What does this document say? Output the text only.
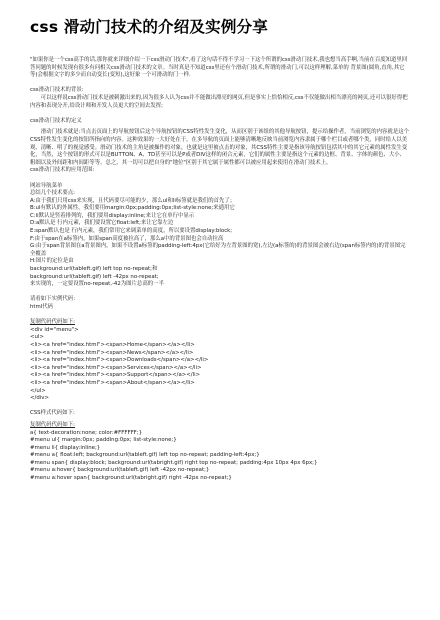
css 滑动门技术的介绍及实例分享
"如果你是一个css高手的话,那你就来详细介绍一下css滑动门技术",看了这句话不得不学习一下这个所谓的css滑动门技术,我也想当高手啊,当前在百度知道里回答问题的时候发现有很多有问相关css滑动门技术的文章。当时真是不知道css里还有个滑动门技术,所谓的滑动门,可以这样理解,菜单的 背景图(圆角,直角,其它等)会根据文字的多少而自动变长(变短),这好象一个可滑动的门一样.
css滑动门技术的背景:
　　可以这样说css滑动门技术是被刺激出来的,因为很多人认为css并不能做出漂亮的网页,但是事实上恰恰相反,css不仅能做出相当漂亮的网页,还可以很好得把内容和表现分开,给设计师和开发人员更大的空间去发挥;
css滑动门技术的定义
　　滑动门技术就是:当点击页面上的导航按钮后这个导航按钮的CSS特性发生变化，从而区别于该组的其他导航按钮，提示给操作者，当前浏览的内容就是这个CSS特性发生变化的按钮所指向的内容。这种效果的一大好处在于，在多导航的页面上能够清晰地反映当前浏览内容隶属于哪个栏目或者哪个类，同时给人以美观、清晰、明了的视觉感受。滑动门技术的主角是被操作的对象，也就是这里被点击的对象，其CSS特性主要是指该导航按钮包括其中的其它元素的属性发生变化，当然，这个按钮的形式可以是BUTTON、A、TD甚至可以是P或者DIV这样的闭合元素，它们的属性主要是指这个元素的边框、背景、字体的颜色、大小、粗细以及外间距和内间距等等，总之，其一切可以把自身的"地位"区别于其它属于属性都可以被应用起来使用在滑动门技术上。
css滑动门技术的应用范围:
网站导航菜单
总结几个技术要点:
A:由于我们只用css来实现，且代码要尽可能的少，那么ul和li标签就是我们的首先了；
B:ul有默认的外属性，我们要用margin:0px;padding:0px;list-style:none;来通用它
C:li默认是竖着排列的，我们要用display:inline;来让它在单行中显示
D:a默认是 行内元素，我们要设置它float:left;来让它靠左边
E:span默认也是 行内元素，我们常用它来调菜单的高度，所以要设置display:block;
F:由于span在a标签内，如果span高度被拉高了，那么a中的背景图也会自动拉高
G:由于span背景图在a背景图内，如果不设置a标签的padding-left:4px(它给好为左背景图的宽),左边(a标签的)的背景图会被右边(span标签内的)的背景图完全覆盖
H:图片的定位是由
background:url(tableft.gif) left top no-repeat;和
background:url(tableft.gif) left -42px no-repeat;
来实现的，一定要设置no-repeat,-42为图片总高的一半
请看如下实例代码：
html代码
复制代码代码如下:
<div id="menu">
<ul>
<li><a href="index.html"><span>Home</span></a></li>
<li><a href="index.html"><span>News</span></a></li>
<li><a href="index.html"><span>Downloads</span></a></li>
<li><a href="index.html"><span>Services</span></a></li>
<li><a href="index.html"><span>Support</span></a></li>
<li><a href="index.html"><span>About</span></a></li>
</ul>
</div>
CSS样式代码如下:
复制代码代码如下:
a{ text-decoration:none; color:#FFFFFF;}
#menu ul{ margin:0px; padding:0px; list-style:none;}
#menu li{ display:inline;}
#menu a{ float:left; background:url(tableft.gif) left top no-repeat; padding-left:4px;}
#menu span{ display:block; background:url(tabright.gif) right top no-repeat; padding:4px 10px 4px 6px;}
#menu a:hover{ background:url(tableft.gif) left -42px no-repeat;}
#menu a:hover span{ background:url(tabright.gif) right -42px no-repeat;}
